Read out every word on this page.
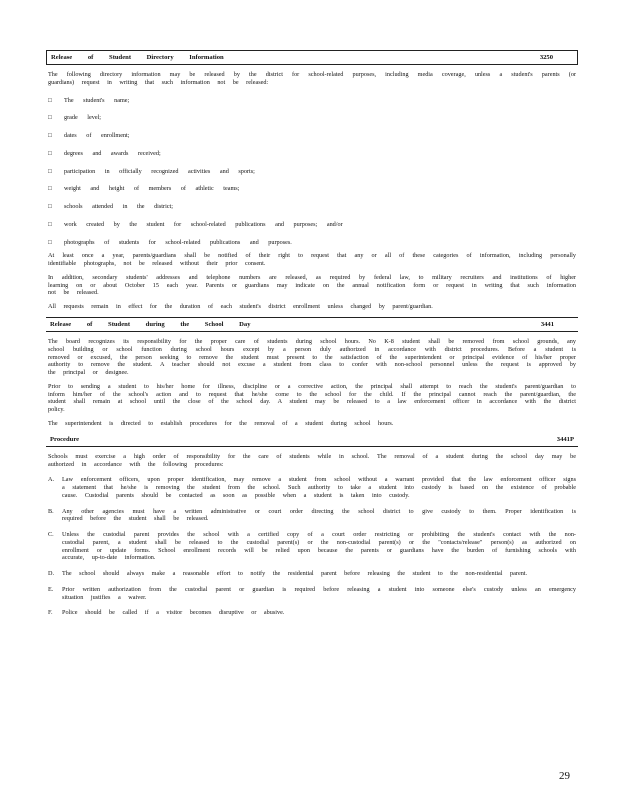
Release of Student Directory Information	3250

The following directory information may be released by the district for school-related purposes, including media coverage, unless a student's parents (or guardians) request in writing that such information not be released:

□	The student's name;
□	grade level;
□	dates of enrollment;
□	degrees and awards received;
□	participation in officially recognized activities and sports;
□	weight and height of members of athletic teams;
□	schools attended in the district;
□	work created by the student for school-related publications and purposes; and/or
□	photographs of students for school-related publications and purposes.

At least once a year, parents/guardians shall be notified of their right to request that any or all of these categories of information, including personally identifiable photographs, not be released without their prior consent.

In addition, secondary students' addresses and telephone numbers are released, as required by federal law, to military recruiters and institutions of higher learning on or about October 15 each year. Parents or guardians may indicate on the annual notification form or request in writing that such information not be released.

All requests remain in effect for the duration of each student's district enrollment unless changed by parent/guardian.

Release of Student during the School Day	3441

The board recognizes its responsibility for the proper care of students during school hours. No K-8 student shall be removed from school grounds, any school building or school function during school hours except by a person duly authorized in accordance with district procedures. Before a student is removed or excused, the person seeking to remove the student must present to the satisfaction of the superintendent or principal evidence of his/her proper authority to remove the student. A teacher should not excuse a student from class to confer with non-school personnel unless the request is approved by the principal or designee.

Prior to sending a student to his/her home for illness, discipline or a corrective action, the principal shall attempt to reach the student's parent/guardian to inform him/her of the school's action and to request that he/she come to the school for the child. If the principal cannot reach the parent/guardian, the student shall remain at school until the close of the school day. A student may be released to a law enforcement officer in accordance with the district policy.

The superintendent is directed to establish procedures for the removal of a student during school hours.

Procedure	3441P

Schools must exercise a high order of responsibility for the care of students while in school. The removal of a student during the school day may be authorized in accordance with the following procedures:

A.	Law enforcement officers, upon proper identification, may remove a student from school without a warrant provided that the law enforcement officer signs a statement that he/she is removing the student from the school. Such authority to take a student into custody is based on the existence of probable cause. Custodial parents should be contacted as soon as possible when a student is taken into custody.
B.	Any other agencies must have a written administrative or court order directing the school district to give custody to them. Proper identification is required before the student shall be released.
C.	Unless the custodial parent provides the school with a certified copy of a court order restricting or prohibiting the student's contact with the non-custodial parent, a student shall be released to the custodial parent(s) or the non-custodial parent(s) or the "contacts/release" person(s) as authorized on enrollment or update forms. School enrollment records will be relied upon because the parents or guardians have the burden of furnishing schools with accurate, up-to-date information.
D.	The school should always make a reasonable effort to notify the residential parent before releasing the student to the non-residential parent.
E.	Prior written authorization from the custodial parent or guardian is required before releasing a student into someone else's custody unless an emergency situation justifies a waiver.
F.	Police should be called if a visitor becomes disruptive or abusive.
29
